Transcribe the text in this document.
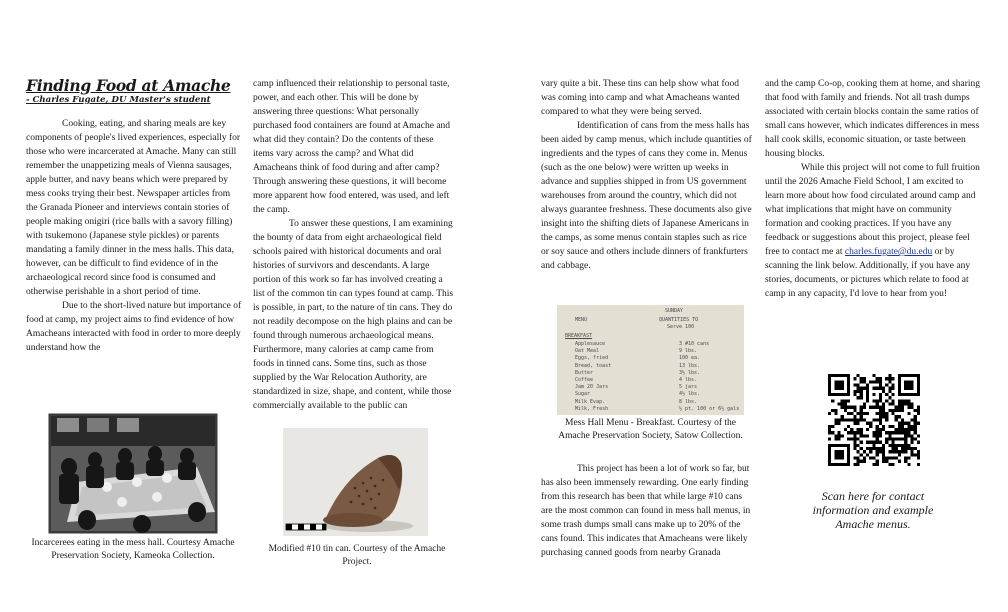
Finding Food at Amache
- Charles Fugate, DU Master's student

Cooking, eating, and sharing meals are key components of people's lived experiences, especially for those who were incarcerated at Amache. Many can still remember the unappetizing meals of Vienna sausages, apple butter, and navy beans which were prepared by mess cooks trying their best. Newspaper articles from the Granada Pioneer and interviews contain stories of people making onigiri (rice balls with a savory filling) with tsukemono (Japanese style pickles) or parents mandating a family dinner in the mess halls. This data, however, can be difficult to find evidence of in the archaeological record since food is consumed and otherwise perishable in a short period of time.

Due to the short-lived nature but importance of food at camp, my project aims to find evidence of how Amacheans interacted with food in order to more deeply understand how the

Incarcerees eating in the mess hall. Courtesy Amache Preservation Society, Kameoka Collection.

camp influenced their relationship to personal taste, power, and each other. This will be done by answering three questions: What personally purchased food containers are found at Amache and what did they contain? Do the contents of these items vary across the camp? and What did Amacheans think of food during and after camp? Through answering these questions, it will become more apparent how food entered, was used, and left the camp.

To answer these questions, I am examining the bounty of data from eight archaeological field schools paired with historical documents and oral histories of survivors and descendants. A large portion of this work so far has involved creating a list of the common tin can types found at camp. This is possible, in part, to the nature of tin cans. They do not readily decompose on the high plains and can be found through numerous archaeological means. Furthermore, many calories at camp came from foods in tinned cans. Some tins, such as those supplied by the War Relocation Authority, are standardized in size, shape, and content, while those commercially available to the public can

Modified #10 tin can. Courtesy of the Amache Project.

vary quite a bit. These tins can help show what food was coming into camp and what Amacheans wanted compared to what they were being served.

Identification of cans from the mess halls has been aided by camp menus, which include quantities of ingredients and the types of cans they come in. Menus (such as the one below) were written up weeks in advance and supplies shipped in from US government warehouses from around the country, which did not always guarantee freshness. These documents also give insight into the shifting diets of Japanese Americans in the camps, as some menus contain staples such as rice or soy sauce and others include dinners of frankfurters and cabbage.

SUNDAY
MENU	QUANTITIES TO
Serve 100
BREAKFAST
Applesauce	3 #10 cans
Oat Meal	9 lbs.
Eggs, fried	100 ea.
Bread, toast	13 lbs.
Butter	3½ lbs.
Coffee	4 lbs.
Jam 20 Jars	5 jars
Sugar	4½ lbs.
Milk Evap.	8 lbs.
Milk, Fresh	½ pt. 100 or 6½ gals
Mess Hall Menu - Breakfast. Courtesy of the Amache Preservation Society, Satow Collection.

This project has been a lot of work so far, but has also been immensely rewarding. One early finding from this research has been that while large #10 cans are the most common can found in mess hall menus, in some trash dumps small cans make up to 20% of the cans found. This indicates that Amacheans were likely purchasing canned goods from nearby Granada

and the camp Co-op, cooking them at home, and sharing that food with family and friends. Not all trash dumps associated with certain blocks contain the same ratios of small cans however, which indicates differences in mess hall cook skills, economic situation, or taste between housing blocks.

While this project will not come to full fruition until the 2026 Amache Field School, I am excited to learn more about how food circulated around camp and what implications that might have on community formation and cooking practices. If you have any feedback or suggestions about this project, please feel free to contact me at charles.fugate@du.edu or by scanning the link below. Additionally, if you have any stories, documents, or pictures which relate to food at camp in any capacity, I'd love to hear from you!

Scan here for contact information and example Amache menus.
